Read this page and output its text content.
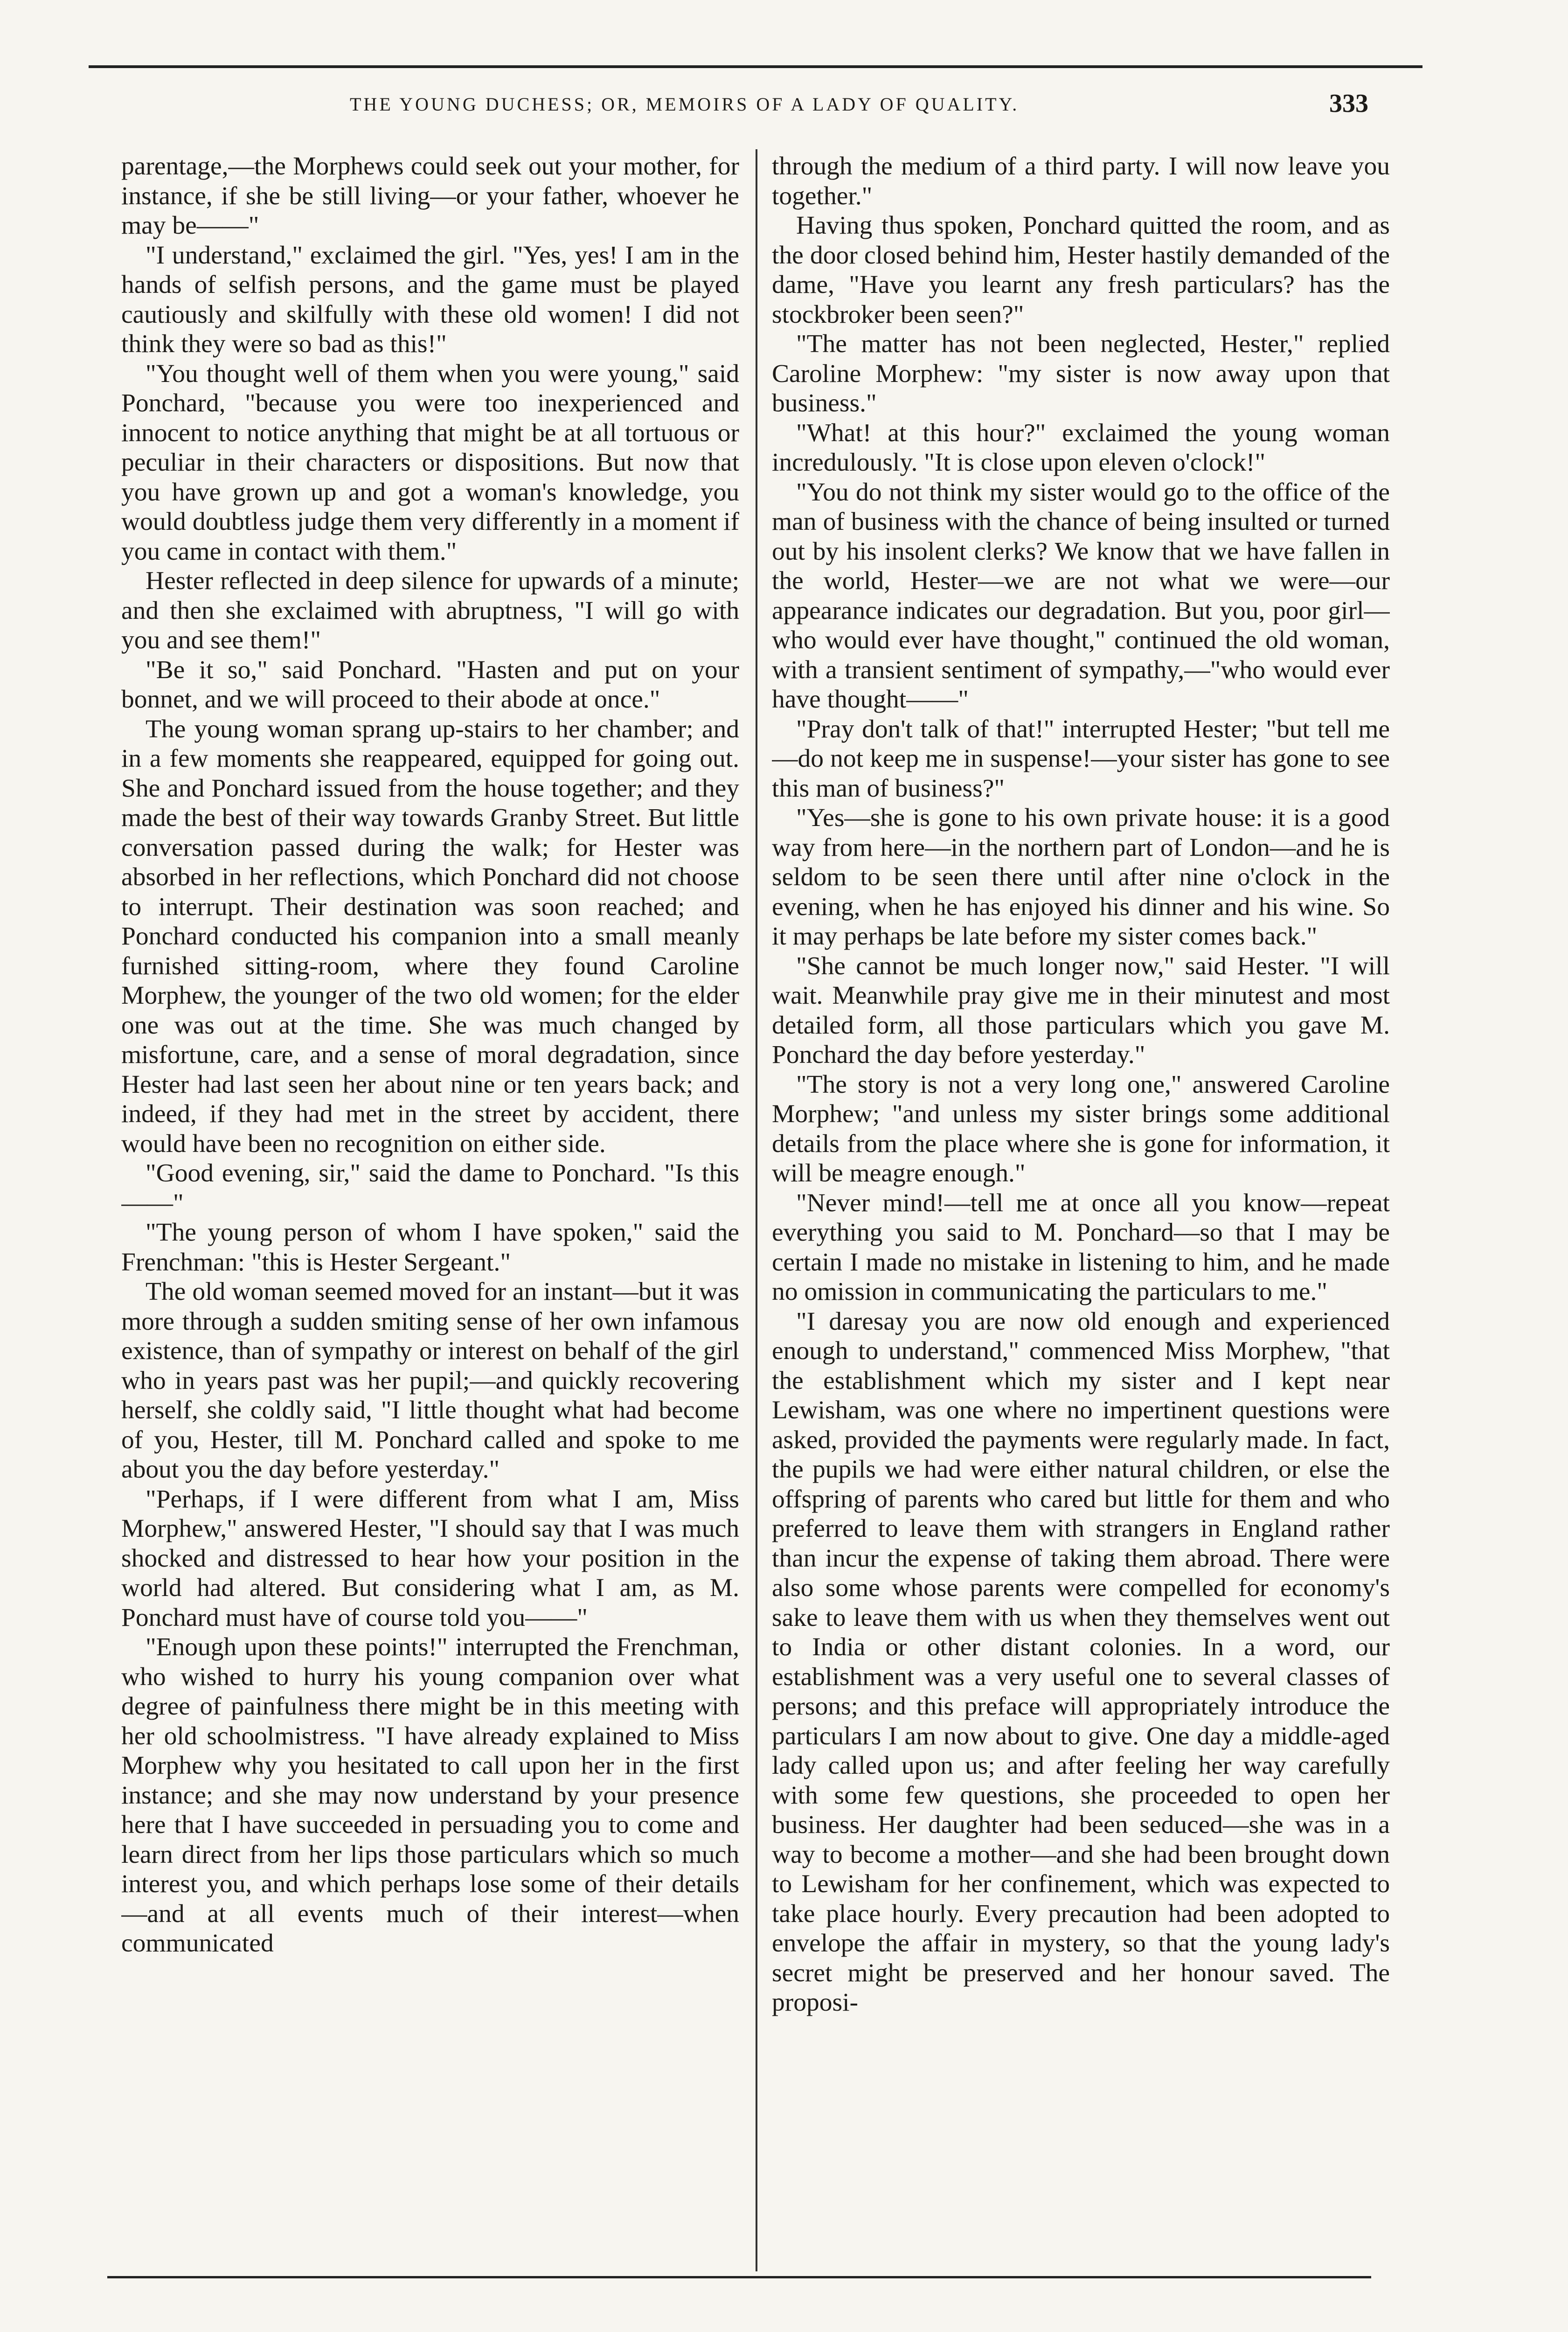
THE YOUNG DUCHESS; OR, MEMOIRS OF A LADY OF QUALITY.	333

parentage,—the Morphews could seek out your mother, for instance, if she be still living—or your father, whoever he may be——"

"I understand," exclaimed the girl. "Yes, yes! I am in the hands of selfish persons, and the game must be played cautiously and skilfully with these old women! I did not think they were so bad as this!"

"You thought well of them when you were young," said Ponchard, "because you were too inexperienced and innocent to notice anything that might be at all tortuous or peculiar in their characters or dispositions. But now that you have grown up and got a woman's knowledge, you would doubtless judge them very differently in a moment if you came in contact with them."

Hester reflected in deep silence for upwards of a minute; and then she exclaimed with abruptness, "I will go with you and see them!"

"Be it so," said Ponchard. "Hasten and put on your bonnet, and we will proceed to their abode at once."

The young woman sprang up-stairs to her chamber; and in a few moments she reappeared, equipped for going out. She and Ponchard issued from the house together; and they made the best of their way towards Granby Street. But little conversation passed during the walk; for Hester was absorbed in her reflections, which Ponchard did not choose to interrupt. Their destination was soon reached; and Ponchard conducted his companion into a small meanly furnished sitting-room, where they found Caroline Morphew, the younger of the two old women; for the elder one was out at the time. She was much changed by misfortune, care, and a sense of moral degradation, since Hester had last seen her about nine or ten years back; and indeed, if they had met in the street by accident, there would have been no recognition on either side.

"Good evening, sir," said the dame to Ponchard. "Is this——"

"The young person of whom I have spoken," said the Frenchman: "this is Hester Sergeant."

The old woman seemed moved for an instant—but it was more through a sudden smiting sense of her own infamous existence, than of sympathy or interest on behalf of the girl who in years past was her pupil;—and quickly recovering herself, she coldly said, "I little thought what had become of you, Hester, till M. Ponchard called and spoke to me about you the day before yesterday."

"Perhaps, if I were different from what I am, Miss Morphew," answered Hester, "I should say that I was much shocked and distressed to hear how your position in the world had altered. But considering what I am, as M. Ponchard must have of course told you——"

"Enough upon these points!" interrupted the Frenchman, who wished to hurry his young companion over what degree of painfulness there might be in this meeting with her old schoolmistress. "I have already explained to Miss Morphew why you hesitated to call upon her in the first instance; and she may now understand by your presence here that I have succeeded in persuading you to come and learn direct from her lips those particulars which so much interest you, and which perhaps lose some of their details—and at all events much of their interest—when communicated

through the medium of a third party. I will now leave you together."

Having thus spoken, Ponchard quitted the room, and as the door closed behind him, Hester hastily demanded of the dame, "Have you learnt any fresh particulars? has the stockbroker been seen?"

"The matter has not been neglected, Hester," replied Caroline Morphew: "my sister is now away upon that business."

"What! at this hour?" exclaimed the young woman incredulously. "It is close upon eleven o'clock!"

"You do not think my sister would go to the office of the man of business with the chance of being insulted or turned out by his insolent clerks? We know that we have fallen in the world, Hester—we are not what we were—our appearance indicates our degradation. But you, poor girl—who would ever have thought," continued the old woman, with a transient sentiment of sympathy,—"who would ever have thought——"

"Pray don't talk of that!" interrupted Hester; "but tell me—do not keep me in suspense!—your sister has gone to see this man of business?"

"Yes—she is gone to his own private house: it is a good way from here—in the northern part of London—and he is seldom to be seen there until after nine o'clock in the evening, when he has enjoyed his dinner and his wine. So it may perhaps be late before my sister comes back."

"She cannot be much longer now," said Hester. "I will wait. Meanwhile pray give me in their minutest and most detailed form, all those particulars which you gave M. Ponchard the day before yesterday."

"The story is not a very long one," answered Caroline Morphew; "and unless my sister brings some additional details from the place where she is gone for information, it will be meagre enough."

"Never mind!—tell me at once all you know—repeat everything you said to M. Ponchard—so that I may be certain I made no mistake in listening to him, and he made no omission in communicating the particulars to me."

"I daresay you are now old enough and experienced enough to understand," commenced Miss Morphew, "that the establishment which my sister and I kept near Lewisham, was one where no impertinent questions were asked, provided the payments were regularly made. In fact, the pupils we had were either natural children, or else the offspring of parents who cared but little for them and who preferred to leave them with strangers in England rather than incur the expense of taking them abroad. There were also some whose parents were compelled for economy's sake to leave them with us when they themselves went out to India or other distant colonies. In a word, our establishment was a very useful one to several classes of persons; and this preface will appropriately introduce the particulars I am now about to give. One day a middle-aged lady called upon us; and after feeling her way carefully with some few questions, she proceeded to open her business. Her daughter had been seduced—she was in a way to become a mother—and she had been brought down to Lewisham for her confinement, which was expected to take place hourly. Every precaution had been adopted to envelope the affair in mystery, so that the young lady's secret might be preserved and her honour saved. The proposi-
